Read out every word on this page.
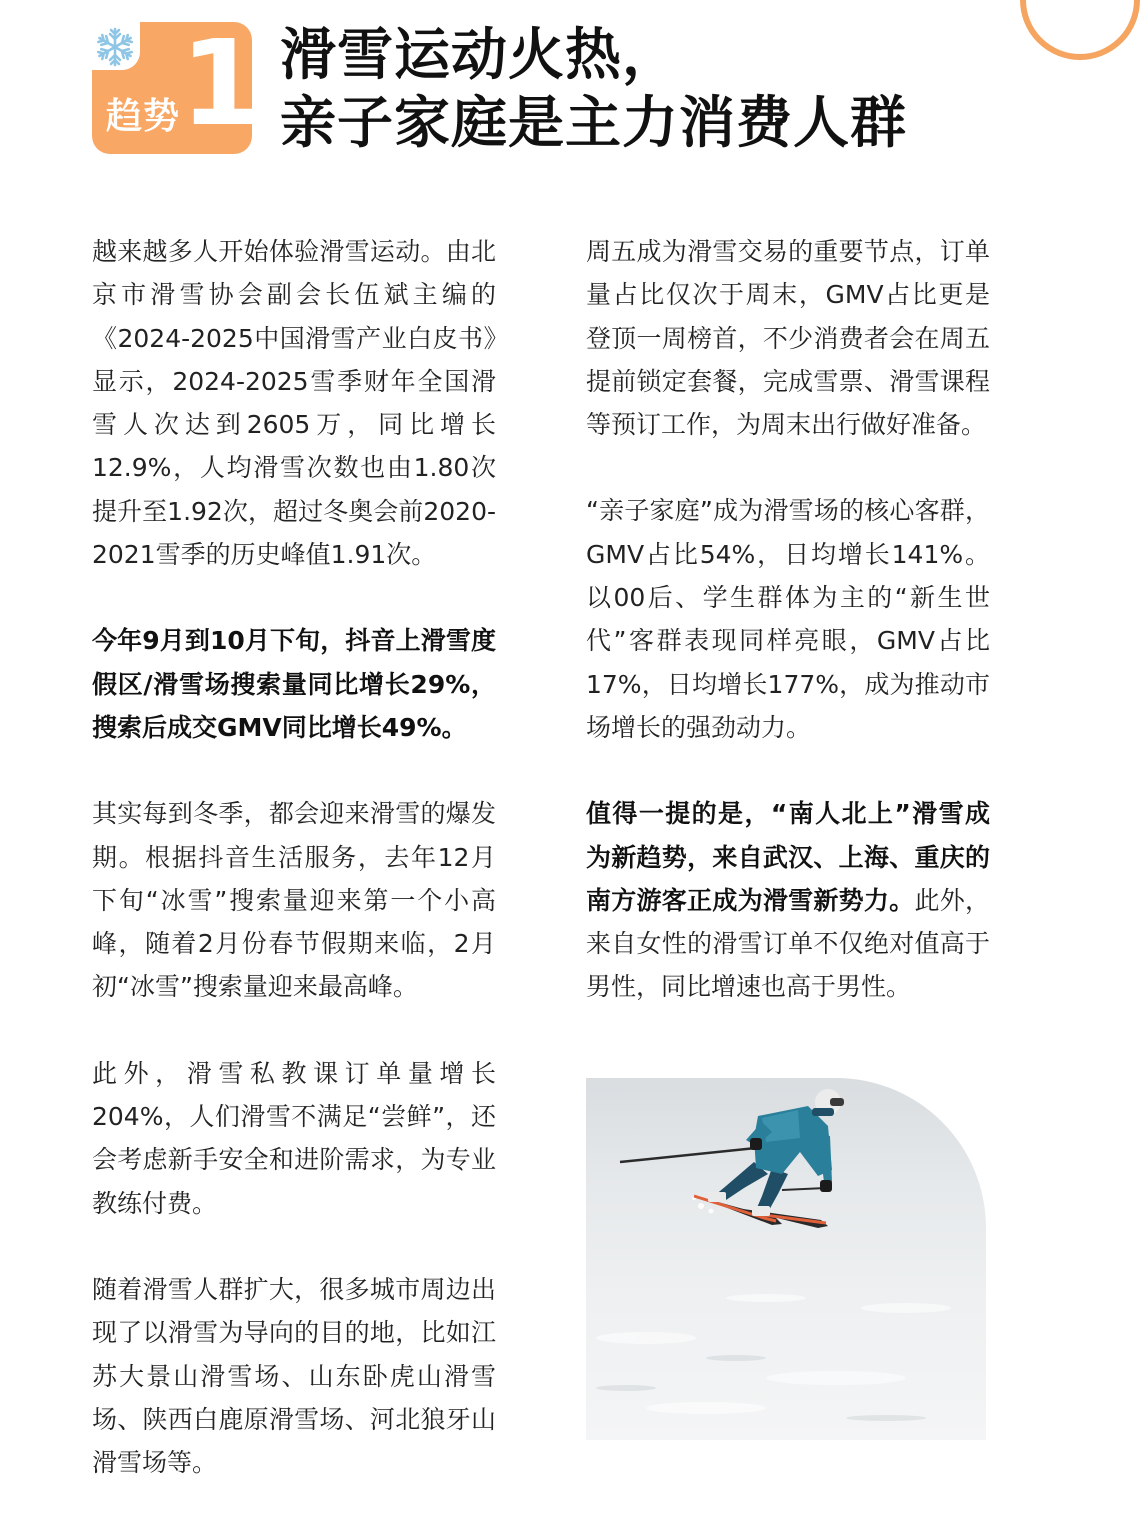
趋势 1 滑雪运动火热，
亲子家庭是主力消费人群

越来越多人开始体验滑雪运动。由北京市滑雪协会副会长伍斌主编的《2024-2025中国滑雪产业白皮书》显示，2024-2025雪季财年全国滑雪人次达到2605万，同比增长12.9%，人均滑雪次数也由1.80次提升至1.92次，超过冬奥会前2020-2021雪季的历史峰值1.91次。

今年9月到10月下旬，抖音上滑雪度假区/滑雪场搜索量同比增长29%，搜索后成交GMV同比增长49%。

其实每到冬季，都会迎来滑雪的爆发期。根据抖音生活服务，去年12月下旬“冰雪”搜索量迎来第一个小高峰，随着2月份春节假期来临，2月初“冰雪”搜索量迎来最高峰。

此外，滑雪私教课订单量增长204%，人们滑雪不满足“尝鲜”，还会考虑新手安全和进阶需求，为专业教练付费。

随着滑雪人群扩大，很多城市周边出现了以滑雪为导向的目的地，比如江苏大景山滑雪场、山东卧虎山滑雪场、陕西白鹿原滑雪场、河北狼牙山滑雪场等。

周五成为滑雪交易的重要节点，订单量占比仅次于周末，GMV占比更是登顶一周榜首，不少消费者会在周五提前锁定套餐，完成雪票、滑雪课程等预订工作，为周末出行做好准备。

“亲子家庭”成为滑雪场的核心客群，GMV占比54%，日均增长141%。以00后、学生群体为主的“新生世代”客群表现同样亮眼，GMV占比17%，日均增长177%，成为推动市场增长的强劲动力。

值得一提的是，“南人北上”滑雪成为新趋势，来自武汉、上海、重庆的南方游客正成为滑雪新势力。此外，来自女性的滑雪订单不仅绝对值高于男性，同比增速也高于男性。
